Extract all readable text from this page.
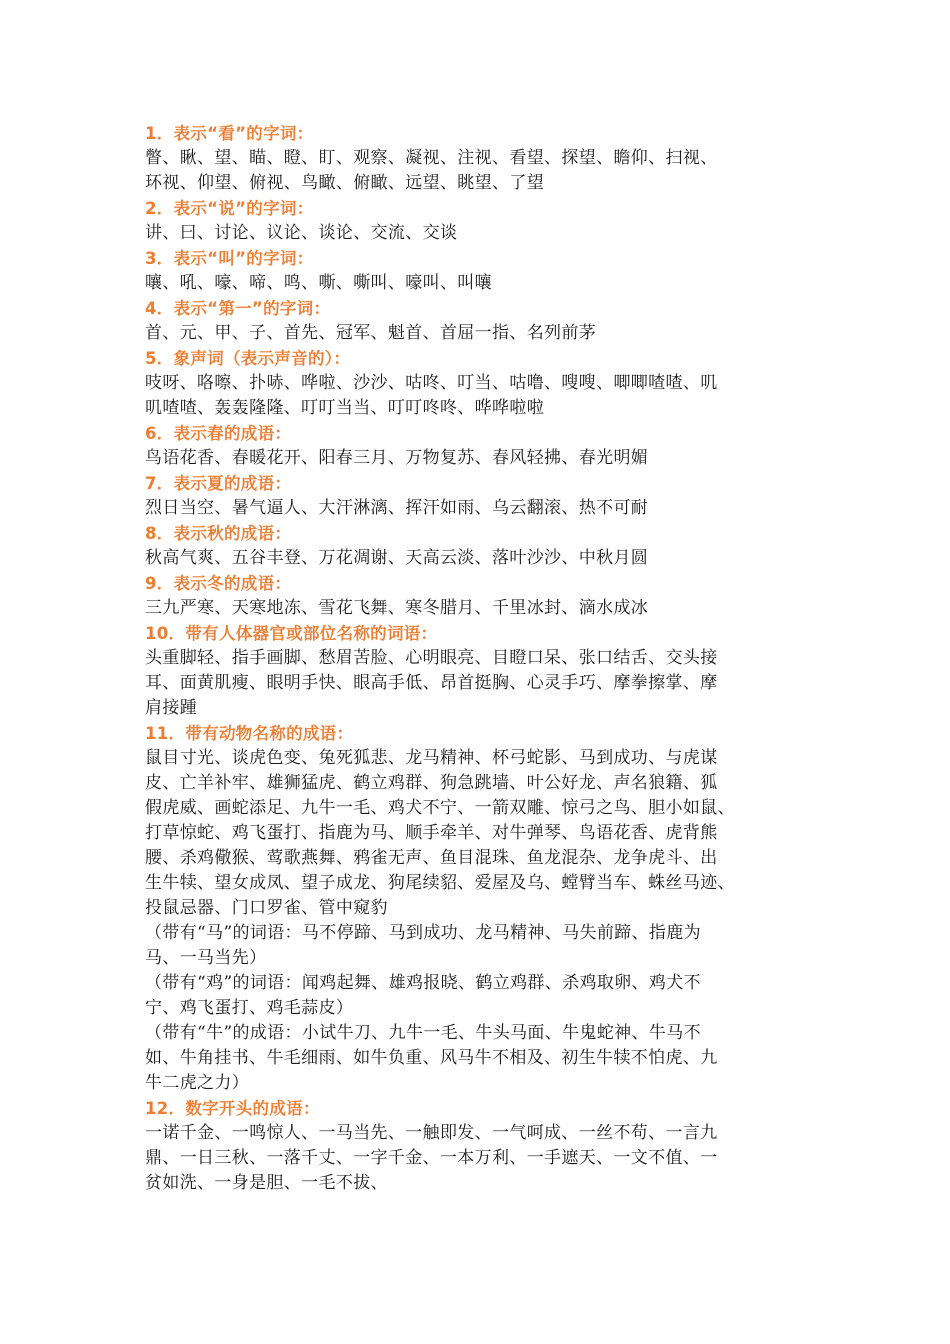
1．表示“看”的字词：
瞥、瞅、望、瞄、瞪、盯、观察、凝视、注视、看望、探望、瞻仰、扫视、
环视、仰望、俯视、鸟瞰、俯瞰、远望、眺望、了望
2．表示“说”的字词：
讲、曰、讨论、议论、谈论、交流、交谈
3．表示“叫”的字词：
嚷、吼、嚎、啼、鸣、嘶、嘶叫、嚎叫、叫嚷
4．表示“第一”的字词：
首、元、甲、子、首先、冠军、魁首、首屈一指、名列前茅
5．象声词（表示声音的）：
吱呀、咯嚓、扑哧、哗啦、沙沙、咕咚、叮当、咕噜、嗖嗖、唧唧喳喳、叽
叽喳喳、轰轰隆隆、叮叮当当、叮叮咚咚、哗哗啦啦
6．表示春的成语：
鸟语花香、春暖花开、阳春三月、万物复苏、春风轻拂、春光明媚
7．表示夏的成语：
烈日当空、暑气逼人、大汗淋漓、挥汗如雨、乌云翻滚、热不可耐
8．表示秋的成语：
秋高气爽、五谷丰登、万花凋谢、天高云淡、落叶沙沙、中秋月圆
9．表示冬的成语：
三九严寒、天寒地冻、雪花飞舞、寒冬腊月、千里冰封、滴水成冰
10．带有人体器官或部位名称的词语：
头重脚轻、指手画脚、愁眉苦脸、心明眼亮、目瞪口呆、张口结舌、交头接
耳、面黄肌瘦、眼明手快、眼高手低、昂首挺胸、心灵手巧、摩拳擦掌、摩
肩接踵
11．带有动物名称的成语：
鼠目寸光、谈虎色变、兔死狐悲、龙马精神、杯弓蛇影、马到成功、与虎谋
皮、亡羊补牢、雄狮猛虎、鹤立鸡群、狗急跳墙、叶公好龙、声名狼籍、狐
假虎威、画蛇添足、九牛一毛、鸡犬不宁、一箭双雕、惊弓之鸟、胆小如鼠、
打草惊蛇、鸡飞蛋打、指鹿为马、顺手牵羊、对牛弹琴、鸟语花香、虎背熊
腰、杀鸡儆猴、莺歌燕舞、鸦雀无声、鱼目混珠、鱼龙混杂、龙争虎斗、出
生牛犊、望女成凤、望子成龙、狗尾续貂、爱屋及乌、螳臂当车、蛛丝马迹、
投鼠忌器、门口罗雀、管中窥豹
（带有“马”的词语：马不停蹄、马到成功、龙马精神、马失前蹄、指鹿为
马、一马当先）
（带有“鸡”的词语：闻鸡起舞、雄鸡报晓、鹤立鸡群、杀鸡取卵、鸡犬不
宁、鸡飞蛋打、鸡毛蒜皮）
（带有“牛”的成语：小试牛刀、九牛一毛、牛头马面、牛鬼蛇神、牛马不
如、牛角挂书、牛毛细雨、如牛负重、风马牛不相及、初生牛犊不怕虎、九
牛二虎之力）
12．数字开头的成语：
一诺千金、一鸣惊人、一马当先、一触即发、一气呵成、一丝不苟、一言九
鼎、一日三秋、一落千丈、一字千金、一本万利、一手遮天、一文不值、一
贫如洗、一身是胆、一毛不拔、
